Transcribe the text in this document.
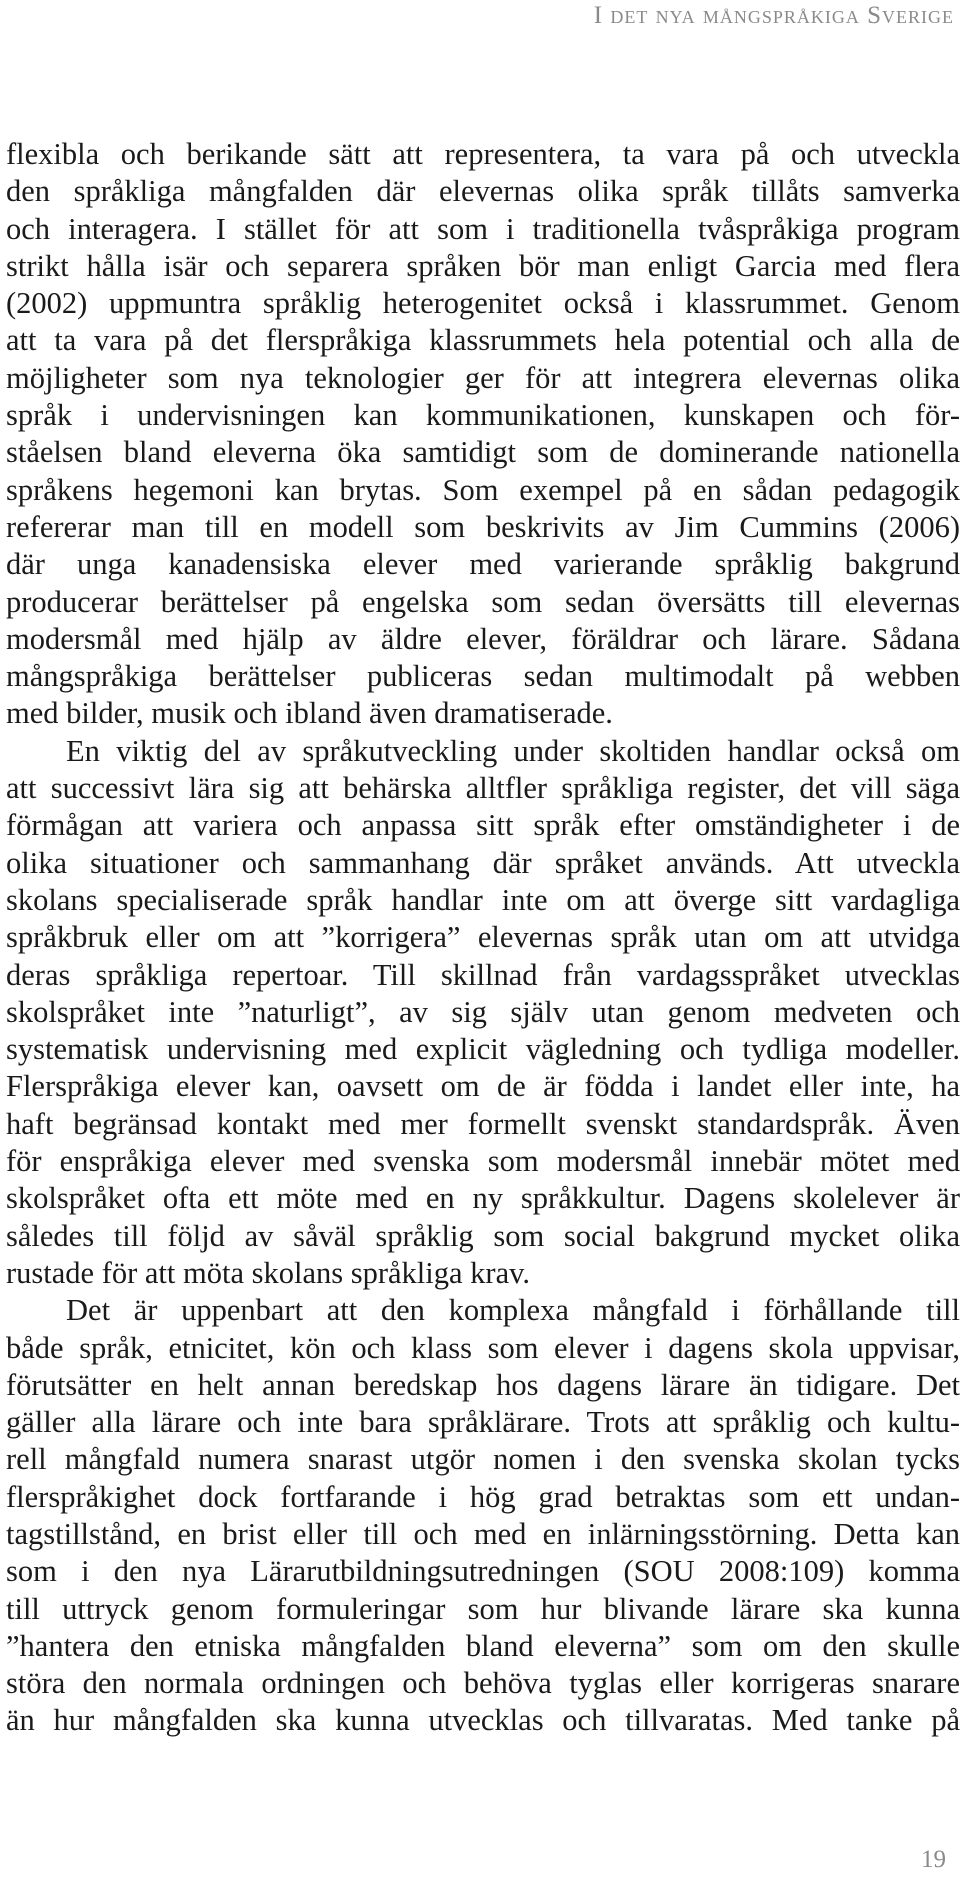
I det nya mångspråkiga Sverige
flexibla och berikande sätt att representera, ta vara på och utveckla
den språkliga mångfalden där elevernas olika språk tillåts samverka
och interagera. I stället för att som i traditionella tvåspråkiga program
strikt hålla isär och separera språken bör man enligt Garcia med flera
(2002) uppmuntra språklig heterogenitet också i klassrummet. Genom
att ta vara på det flerspråkiga klassrummets hela potential och alla de
möjligheter som nya teknologier ger för att integrera elevernas olika
språk i undervisningen kan kommunikationen, kunskapen och för-
ståelsen bland eleverna öka samtidigt som de dominerande nationella
språkens hegemoni kan brytas. Som exempel på en sådan pedagogik
refererar man till en modell som beskrivits av Jim Cummins (2006)
där unga kanadensiska elever med varierande språklig bakgrund
producerar berättelser på engelska som sedan översätts till elevernas
modersmål med hjälp av äldre elever, föräldrar och lärare. Sådana
mångspråkiga berättelser publiceras sedan multimodalt på webben
med bilder, musik och ibland även dramatiserade.
En viktig del av språkutveckling under skoltiden handlar också om
att successivt lära sig att behärska alltfler språkliga register, det vill säga
förmågan att variera och anpassa sitt språk efter omständigheter i de
olika situationer och sammanhang där språket används. Att utveckla
skolans specialiserade språk handlar inte om att överge sitt vardagliga
språkbruk eller om att ”korrigera” elevernas språk utan om att utvidga
deras språkliga repertoar. Till skillnad från vardagsspråket utvecklas
skolspråket inte ”naturligt”, av sig själv utan genom medveten och
systematisk undervisning med explicit vägledning och tydliga modeller.
Flerspråkiga elever kan, oavsett om de är födda i landet eller inte, ha
haft begränsad kontakt med mer formellt svenskt standardspråk. Även
för enspråkiga elever med svenska som modersmål innebär mötet med
skolspråket ofta ett möte med en ny språkkultur. Dagens skolelever är
således till följd av såväl språklig som social bakgrund mycket olika
rustade för att möta skolans språkliga krav.
Det är uppenbart att den komplexa mångfald i förhållande till
både språk, etnicitet, kön och klass som elever i dagens skola uppvisar,
förutsätter en helt annan beredskap hos dagens lärare än tidigare. Det
gäller alla lärare och inte bara språklärare. Trots att språklig och kultu-
rell mångfald numera snarast utgör nomen i den svenska skolan tycks
flerspråkighet dock fortfarande i hög grad betraktas som ett undan-
tagstillstånd, en brist eller till och med en inlärningsstörning. Detta kan
som i den nya Lärarutbildningsutredningen (SOU 2008:109) komma
till uttryck genom formuleringar som hur blivande lärare ska kunna
”hantera den etniska mångfalden bland eleverna” som om den skulle
störa den normala ordningen och behöva tyglas eller korrigeras snarare
än hur mångfalden ska kunna utvecklas och tillvaratas. Med tanke på
19
